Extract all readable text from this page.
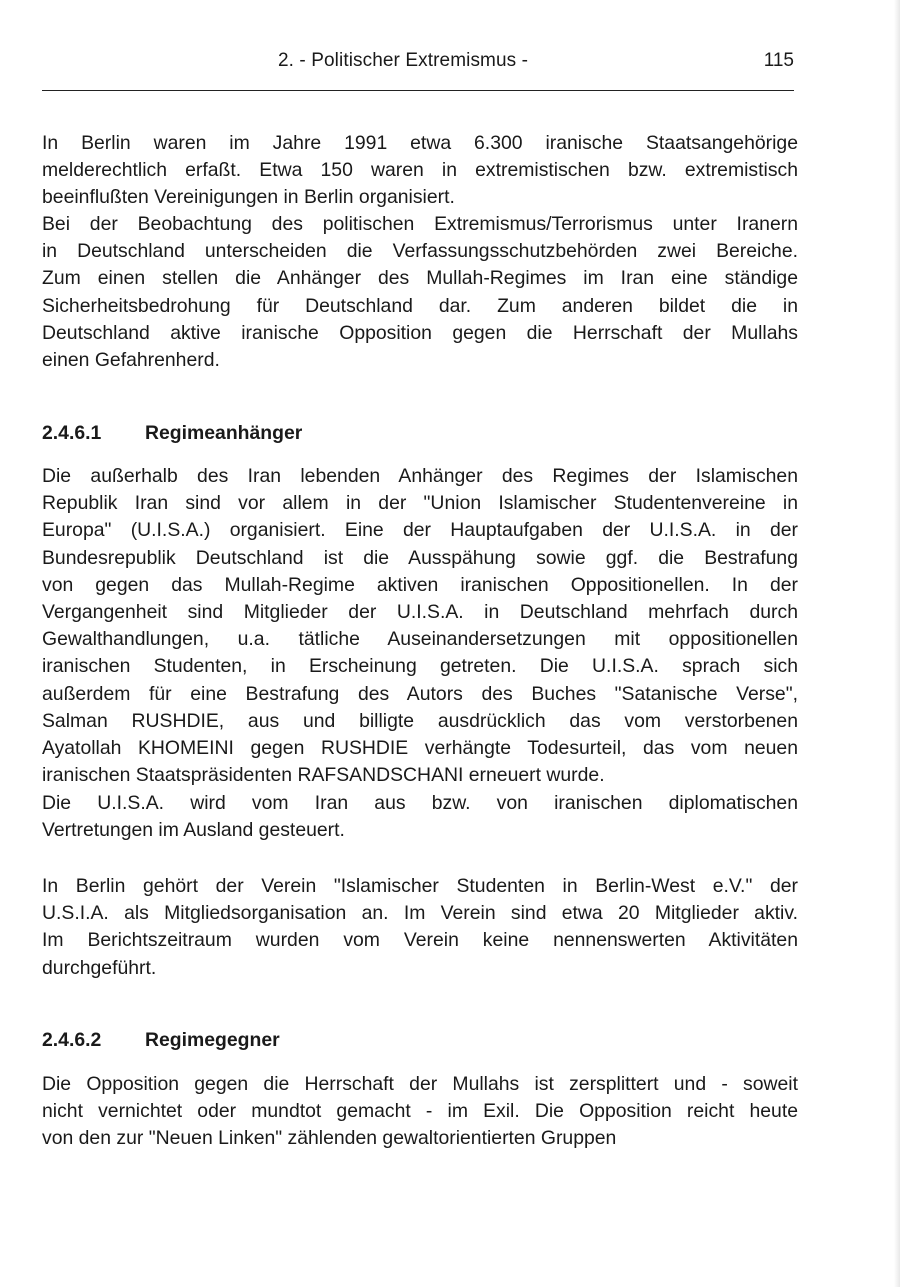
2. - Politischer Extremismus -	115

In Berlin waren im Jahre 1991 etwa 6.300 iranische Staatsangehörige
melderechtlich erfaßt. Etwa 150 waren in extremistischen bzw. extremistisch
beeinflußten Vereinigungen in Berlin organisiert.

Bei der Beobachtung des politischen Extremismus/Terrorismus unter Iranern
in Deutschland unterscheiden die Verfassungsschutzbehörden zwei Bereiche.
Zum einen stellen die Anhänger des Mullah-Regimes im Iran eine ständige
Sicherheitsbedrohung für Deutschland dar. Zum anderen bildet die in
Deutschland aktive iranische Opposition gegen die Herrschaft der Mullahs
einen Gefahrenherd.

2.4.6.1 Regimeanhänger

Die außerhalb des Iran lebenden Anhänger des Regimes der Islamischen
Republik Iran sind vor allem in der "Union Islamischer Studentenvereine in
Europa" (U.I.S.A.) organisiert. Eine der Hauptaufgaben der U.I.S.A. in der
Bundesrepublik Deutschland ist die Ausspähung sowie ggf. die Bestrafung
von gegen das Mullah-Regime aktiven iranischen Oppositionellen. In der
Vergangenheit sind Mitglieder der U.I.S.A. in Deutschland mehrfach durch
Gewalthandlungen, u.a. tätliche Auseinandersetzungen mit oppositionellen
iranischen Studenten, in Erscheinung getreten. Die U.I.S.A. sprach sich
außerdem für eine Bestrafung des Autors des Buches "Satanische Verse",
Salman RUSHDIE, aus und billigte ausdrücklich das vom verstorbenen
Ayatollah KHOMEINI gegen RUSHDIE verhängte Todesurteil, das vom neuen
iranischen Staatspräsidenten RAFSANDSCHANI erneuert wurde.

Die U.I.S.A. wird vom Iran aus bzw. von iranischen diplomatischen
Vertretungen im Ausland gesteuert.

In Berlin gehört der Verein "Islamischer Studenten in Berlin-West e.V." der
U.S.I.A. als Mitgliedsorganisation an. Im Verein sind etwa 20 Mitglieder aktiv.
Im Berichtszeitraum wurden vom Verein keine nennenswerten Aktivitäten
durchgeführt.

2.4.6.2 Regimegegner

Die Opposition gegen die Herrschaft der Mullahs ist zersplittert und - soweit
nicht vernichtet oder mundtot gemacht - im Exil. Die Opposition reicht heute
von den zur "Neuen Linken" zählenden gewaltorientierten Gruppen
